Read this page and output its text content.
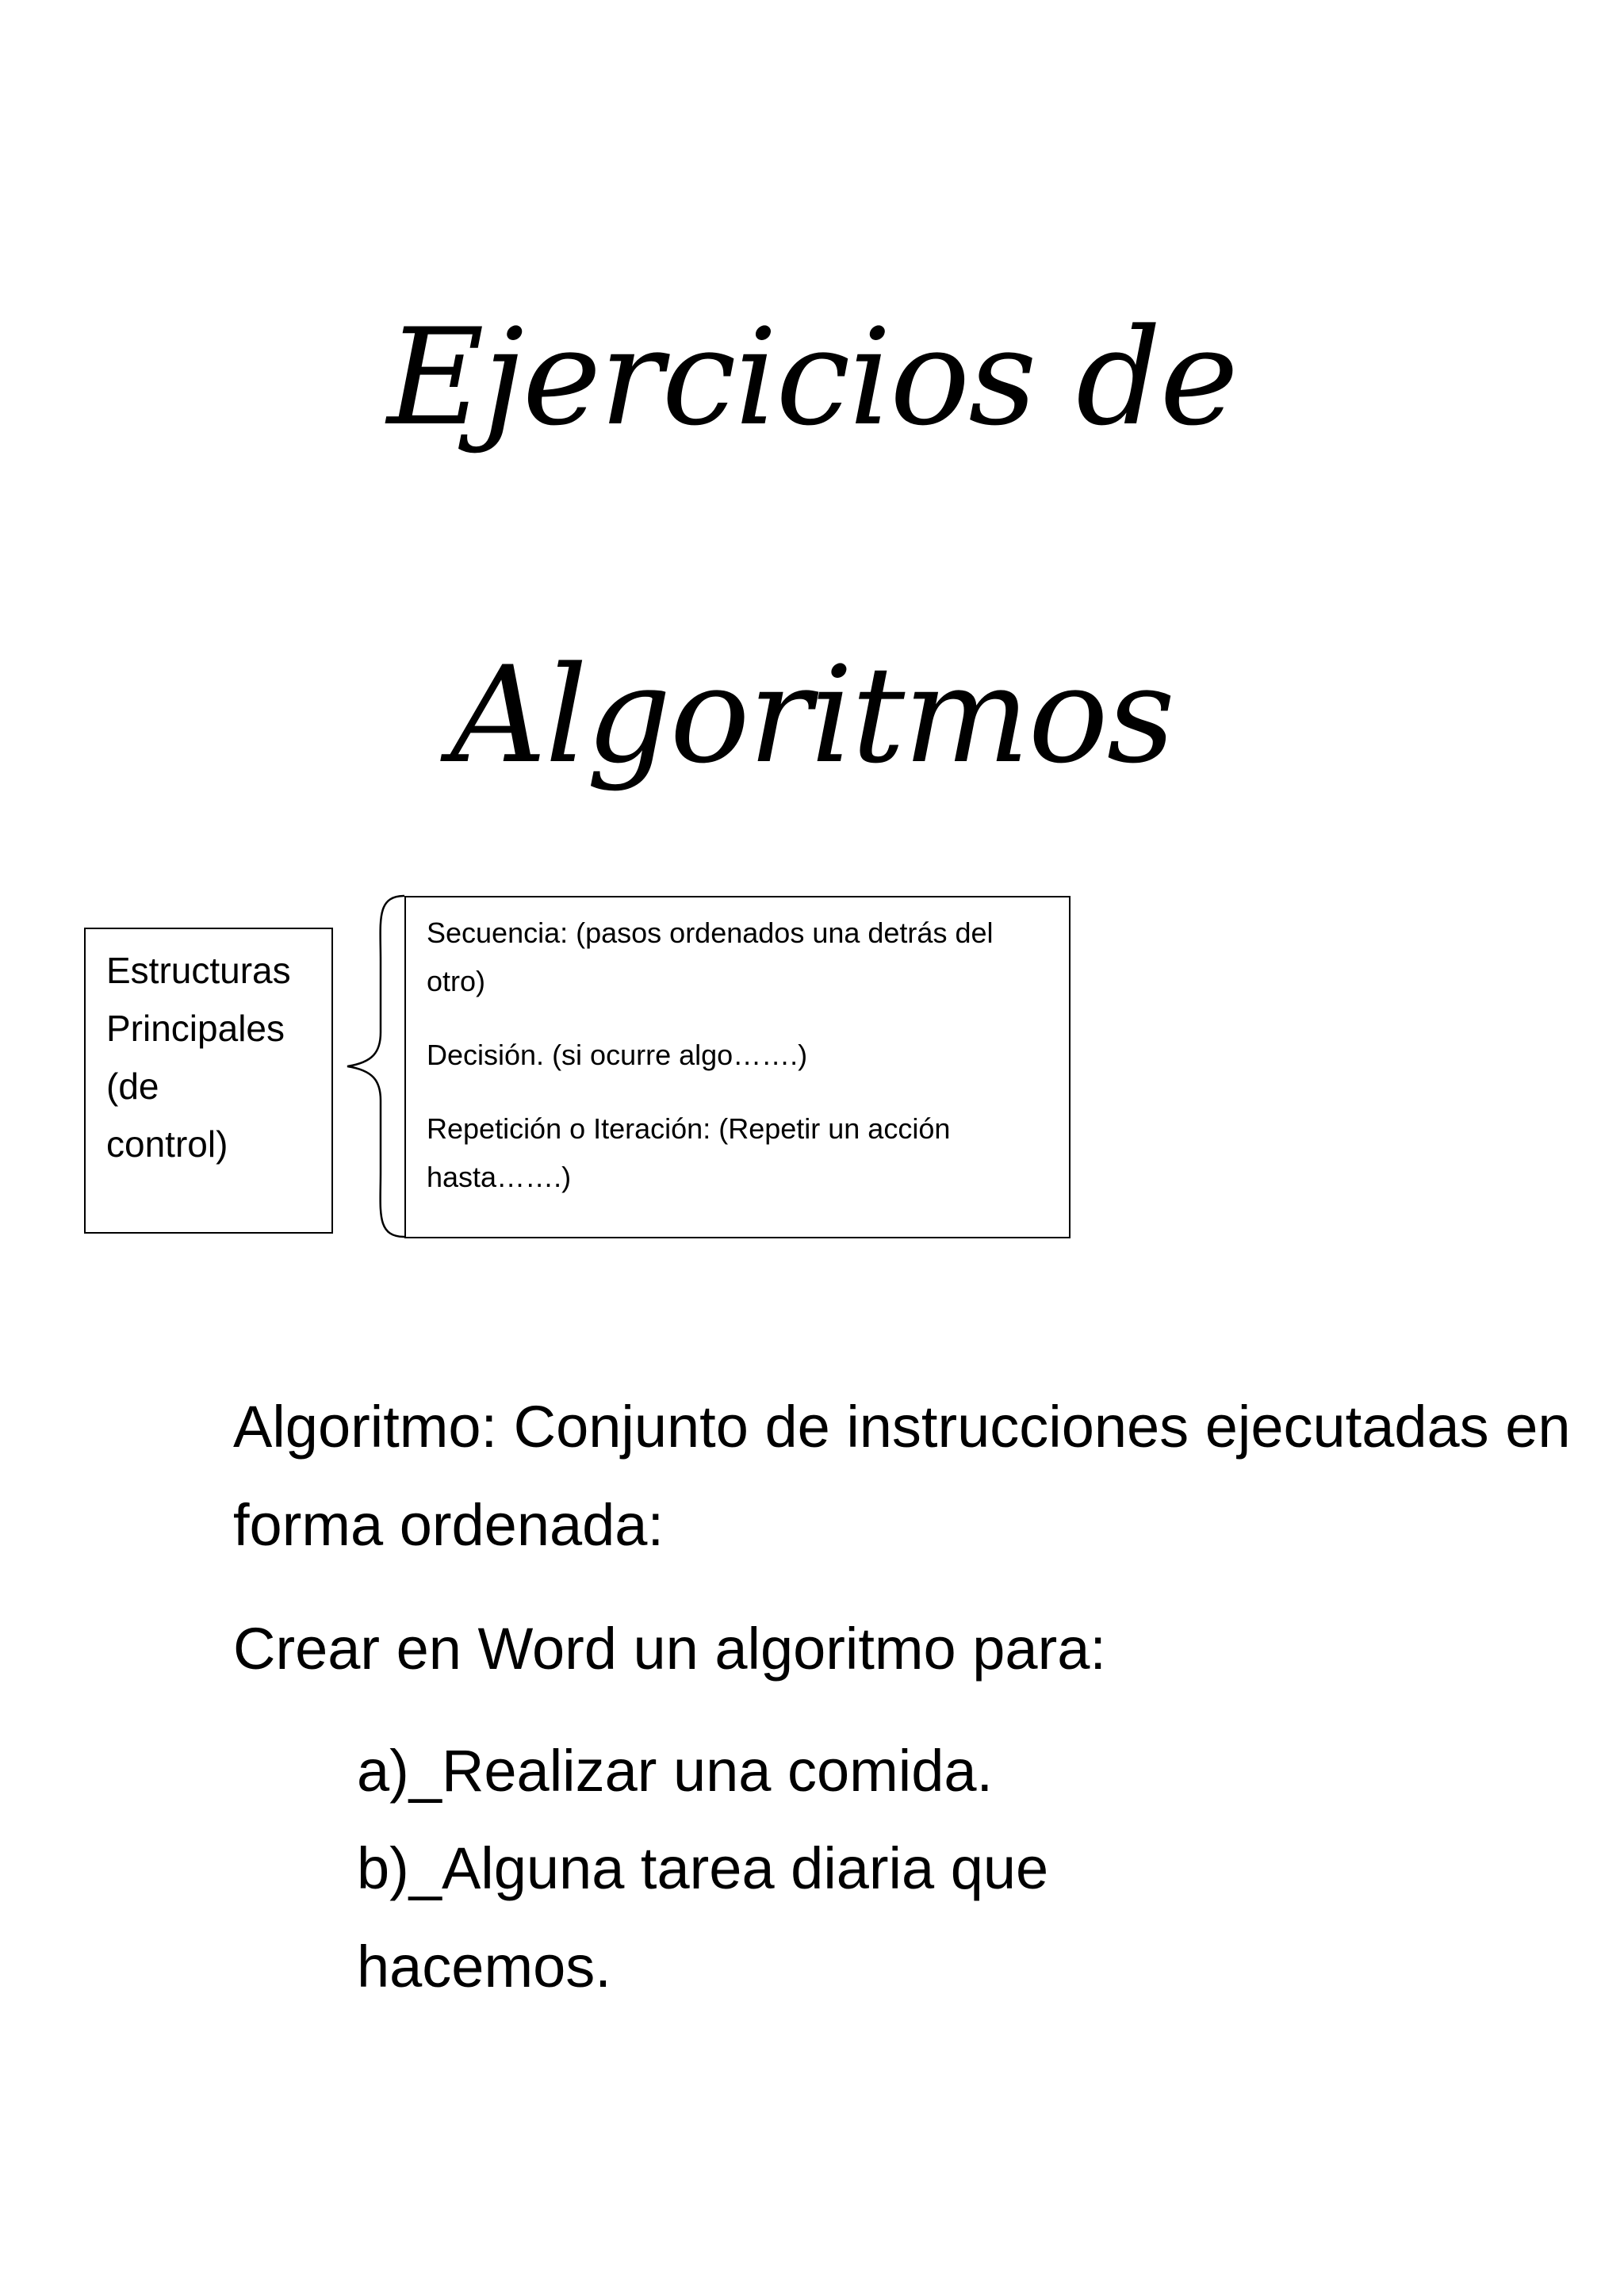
Ejercicios de
Algoritmos
Estructuras
Principales
(de
control)

Secuencia: (pasos ordenados una detrás del otro)

Decisión. (si ocurre algo…….)

Repetición o Iteración: (Repetir un acción hasta…….)

Algoritmo: Conjunto de instrucciones ejecutadas en forma ordenada:
Crear en Word un algoritmo para:
a)_Realizar una comida.
b)_Alguna tarea diaria que hacemos.
